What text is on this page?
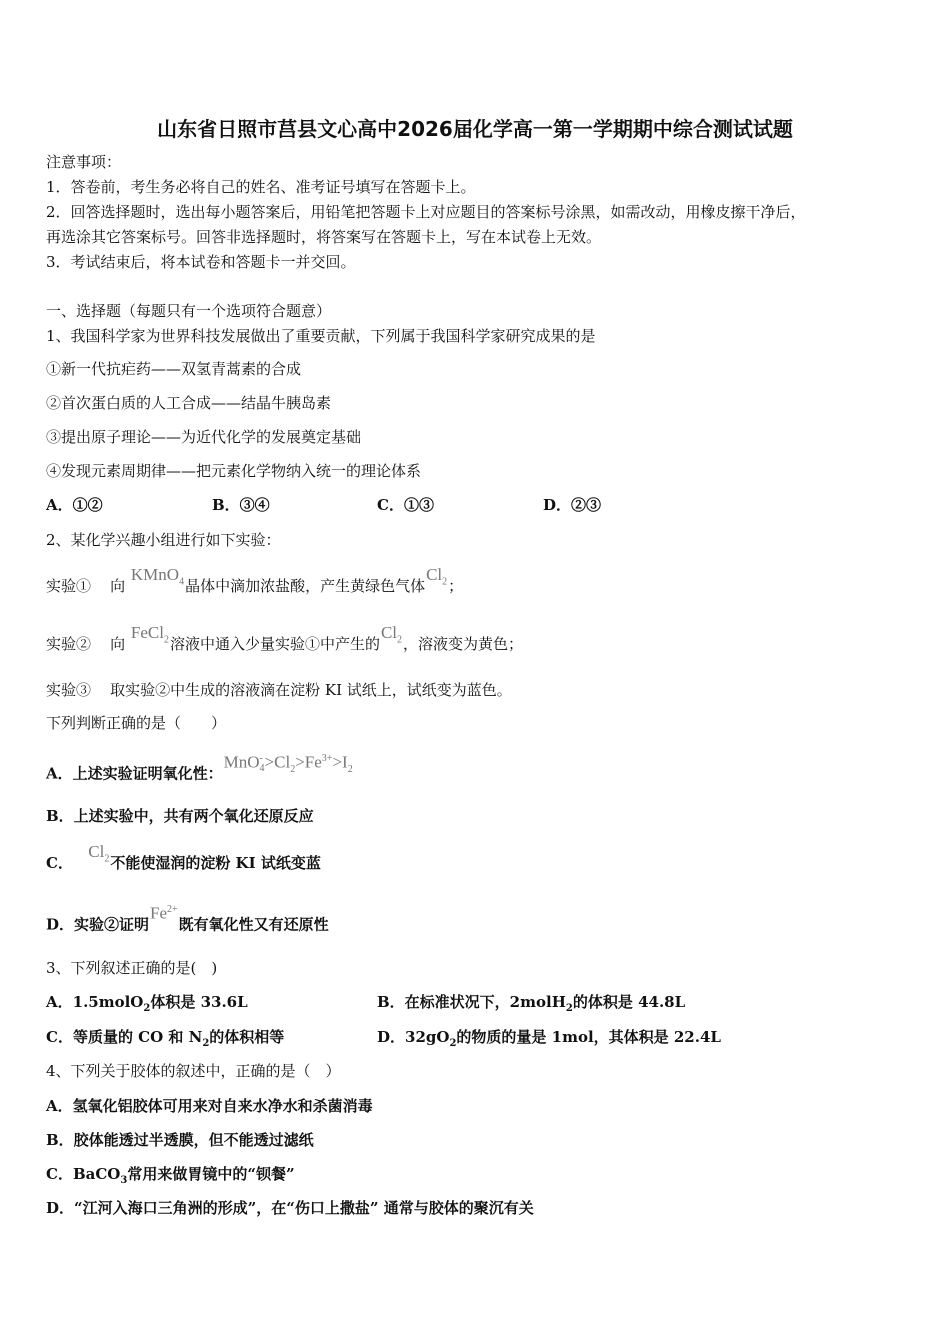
山东省日照市莒县文心高中2026届化学高一第一学期期中综合测试试题
注意事项：
1．答卷前，考生务必将自己的姓名、准考证号填写在答题卡上。
2．回答选择题时，选出每小题答案后，用铅笔把答题卡上对应题目的答案标号涂黑，如需改动，用橡皮擦干净后，
再选涂其它答案标号。回答非选择题时，将答案写在答题卡上，写在本试卷上无效。
3．考试结束后，将本试卷和答题卡一并交回。
一、选择题（每题只有一个选项符合题意）
1、我国科学家为世界科技发展做出了重要贡献，下列属于我国科学家研究成果的是
①新一代抗疟药——双氢青蒿素的合成
②首次蛋白质的人工合成——结晶牛胰岛素
③提出原子理论——为近代化学的发展奠定基础
④发现元素周期律——把元素化学物纳入统一的理论体系
A．①②	B．③④	C．①③	D．②③
2、某化学兴趣小组进行如下实验：
实验① 向 KMnO$_4$晶体中滴加浓盐酸，产生黄绿色气体$Cl_2$；
实验② 向 FeCl$_2$溶液中通入少量实验①中产生的$Cl_2$，溶液变为黄色；
实验③ 取实验②中生成的溶液滴在淀粉 KI 试纸上，试纸变为蓝色。
下列判断正确的是（　　）
A．上述实验证明氧化性：MnO -
$4 >Cl_2>Fe^{3+}>I_2$
B．上述实验中，共有两个氧化还原反应
C．   $Cl_2$不能使湿润的淀粉 KI 试纸变蓝
D．实验②证明$Fe^{2+}$既有氧化性又有还原性
3、下列叙述正确的是(　)
A．1.5molO$_2$体积是 33.6L	B．在标准状况下，2molH$_2$的体积是 44.8L
C．等质量的 CO 和 $N_2$的体积相等	D．$32gO_2$的物质的量是 1mol，其体积是 22.4L
4、下列关于胶体的叙述中，正确的是（　）
A．氢氧化铝胶体可用来对自来水净水和杀菌消毒
B．胶体能透过半透膜，但不能透过滤纸
C．BaCO$_3$常用来做胃镜中的“钡餐”
D．“江河入海口三角洲的形成”，在“伤口上撒盐” 通常与胶体的聚沉有关
